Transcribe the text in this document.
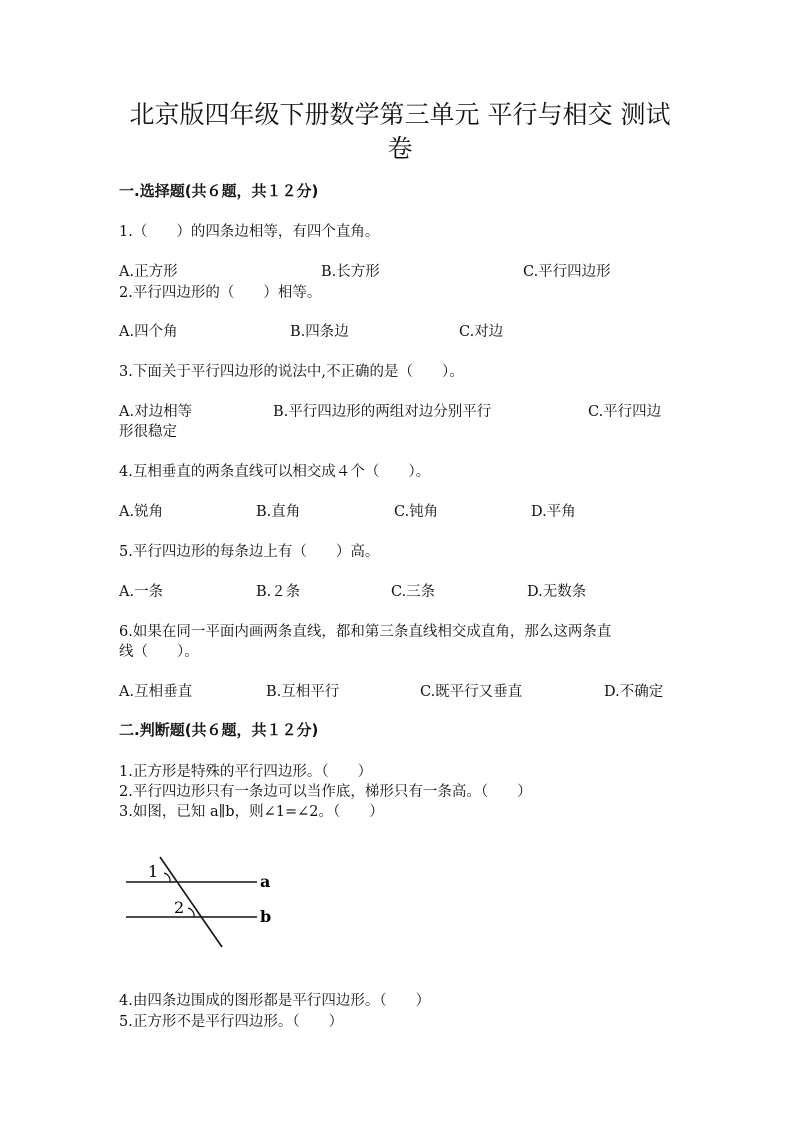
北京版四年级下册数学第三单元 平行与相交 测试
卷
一.选择题(共６题，共１２分)
1.（　　）的四条边相等，有四个直角。
A.正方形	B.长方形	C.平行四边形
2.平行四边形的（　　）相等。
A.四个角	B.四条边	C.对边
3.下面关于平行四边形的说法中,不正确的是（　　）。
A.对边相等	B.平行四边形的两组对边分别平行	C.平行四边
形很稳定
4.互相垂直的两条直线可以相交成４个（　　）。
A.锐角	B.直角	C.钝角	D.平角
5.平行四边形的每条边上有（　　）高。
A.一条	B.２条	C.三条	D.无数条
6.如果在同一平面内画两条直线，都和第三条直线相交成直角，那么这两条直
线（　　）。
A.互相垂直	B.互相平行	C.既平行又垂直	D.不确定
二.判断题(共６题，共１２分)
1.正方形是特殊的平行四边形。（　　）
2.平行四边形只有一条边可以当作底，梯形只有一条高。（　　）
3.如图，已知 a∥b，则∠1=∠2。（　　）
1
2
a
b
4.由四条边围成的图形都是平行四边形。（　　）
5.正方形不是平行四边形。（　　）
